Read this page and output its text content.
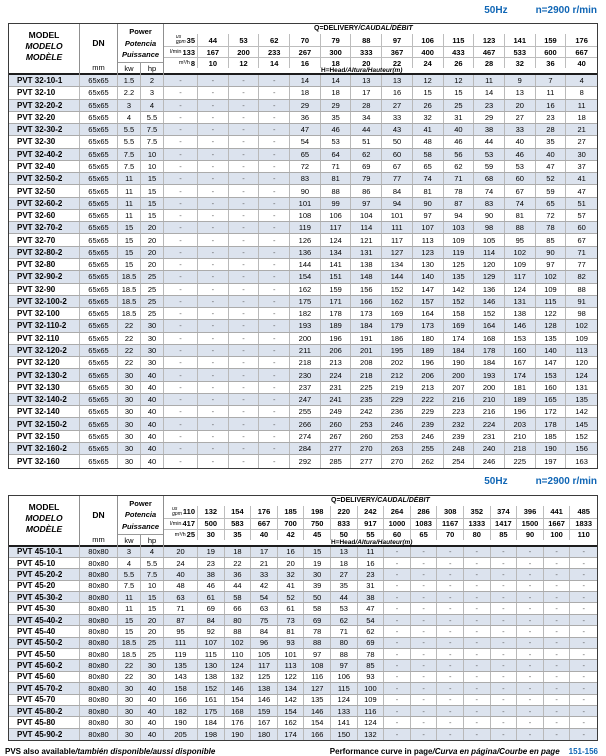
50Hz	n=2900 r/min
MODEL
MODELO
MODÈLE
DN
mm
Power
Potencia
Puissance
kw	hp
Q=DELIVERY/CAUDAL/DÉBIT
us
gpm 35 44	53	62	70	79	88	97	106 115 123 141 159 176
l/min 133 167 200 233 267 300 333 367 400 433 467 533 600 667
m³/h 8 10	12	14	16	18	20	22	24	26	28	32	36	40
H=Head/Altura/Hauteur(m)
PVT 32-10-1	65x65	1.5	2	-	-	-	-	14	14	13	13	12	12	11	9	7	4
PVT 32-10	65x65	2.2	3	-	-	-	-	18	18	17	16	15	15	14	13	11	8
PVT 32-20-2	65x65	3	4	-	-	-	-	29	29	28	27	26	25	23	20	16	11
PVT 32-20	65x65	4	5.5	-	-	-	-	36	35	34	33	32	31	29	27	23	18
PVT 32-30-2	65x65	5.5	7.5	-	-	-	-	47	46	44	43	41	40	38	33	28	21
PVT 32-30	65x65	5.5	7.5	-	-	-	-	54	53	51	50	48	46	44	40	35	27
PVT 32-40-2	65x65	7.5	10	-	-	-	-	65	64	62	60	58	56	53	46	40	30
PVT 32-40	65x65	7.5	10	-	-	-	-	72	71	69	67	65	62	59	53	47	37
PVT 32-50-2	65x65	11	15	-	-	-	-	83	81	79	77	74	71	68	60	52	41
PVT 32-50	65x65	11	15	-	-	-	-	90	88	86	84	81	78	74	67	59	47
PVT 32-60-2	65x65	11	15	-	-	-	-	101	99	97	94	90	87	83	74	65	51
PVT 32-60	65x65	11	15	-	-	-	-	108	106	104	101	97	94	90	81	72	57
PVT 32-70-2	65x65	15	20	-	-	-	-	119	117	114	111	107	103	98	88	78	60
PVT 32-70	65x65	15	20	-	-	-	-	126	124	121	117	113	109	105	95	85	67
PVT 32-80-2	65x65	15	20	-	-	-	-	136	134	131	127	123	119	114	102	90	71
PVT 32-80	65x65	15	20	-	-	-	-	144	141	138	134	130	125	120	109	97	77
PVT 32-90-2	65x65	18.5	25	-	-	-	-	154	151	148	144	140	135	129	117	102	82
PVT 32-90	65x65	18.5	25	-	-	-	-	162	159	156	152	147	142	136	124	109	88
PVT 32-100-2	65x65	18.5	25	-	-	-	-	175	171	166	162	157	152	146	131	115	91
PVT 32-100	65x65	18.5	25	-	-	-	-	182	178	173	169	164	158	152	138	122	98
PVT 32-110-2	65x65	22	30	-	-	-	-	193	189	184	179	173	169	164	146	128	102
PVT 32-110	65x65	22	30	-	-	-	-	200	196	191	186	180	174	168	153	135	109
PVT 32-120-2	65x65	22	30	-	-	-	-	211	206	201	195	189	184	178	160	140	113
PVT 32-120	65x65	22	30	-	-	-	-	218	213	208	202	196	190	184	167	147	120
PVT 32-130-2	65x65	30	40	-	-	-	-	230	224	218	212	206	200	193	174	153	124
PVT 32-130	65x65	30	40	-	-	-	-	237	231	225	219	213	207	200	181	160	131
PVT 32-140-2	65x65	30	40	-	-	-	-	247	241	235	229	222	216	210	189	165	135
PVT 32-140	65x65	30	40	-	-	-	-	255	249	242	236	229	223	216	196	172	142
PVT 32-150-2	65x65	30	40	-	-	-	-	266	260	253	246	239	232	224	203	178	145
PVT 32-150	65x65	30	40	-	-	-	-	274	267	260	253	246	239	231	210	185	152
PVT 32-160-2	65x65	30	40	-	-	-	-	284	277	270	263	255	248	240	218	190	156
PVT 32-160	65x65	30	40	-	-	-	-	292	285	277	270	262	254	246	225	197	163
50Hz	n=2900 r/min
MODEL
MODELO
MODÈLE
DN
mm
Power
Potencia
Puissance
kw	hp
Q=DELIVERY/CAUDAL/DÉBIT
us
gpm 110 132 154 176 185 198 220 242 264 286 308 352 374 396 441 485
l/min 417 500 583 667 700 750 833 917 1000 1083 1167 1333 1417 1500 1667 1833
m³/h 25 30 35 40 42 45 50 55 60 65 70 80 85 90 100 110
H=Head/Altura/Hauteur(m)
PVT 45-10-1	80x80	3	4	20	19	18	17	16	15	13	11	-	-	-	-	-	-	-	-
PVT 45-10	80x80	4	5.5	24	23	22	21	20	19	18	16	-	-	-	-	-	-	-	-
PVT 45-20-2	80x80	5.5	7.5	40	38	36	33	32	30	27	23	-	-	-	-	-	-	-	-
PVT 45-20	80x80	7.5	10	48	46	44	42	41	39	35	31	-	-	-	-	-	-	-	-
PVT 45-30-2	80x80	11	15	63	61	58	54	52	50	44	38	-	-	-	-	-	-	-	-
PVT 45-30	80x80	11	15	71	69	66	63	61	58	53	47	-	-	-	-	-	-	-	-
PVT 45-40-2	80x80	15	20	87	84	80	75	73	69	62	54	-	-	-	-	-	-	-	-
PVT 45-40	80x80	15	20	95	92	88	84	81	78	71	62	-	-	-	-	-	-	-	-
PVT 45-50-2	80x80	18.5	25	111	107	102	96	93	88	80	69	-	-	-	-	-	-	-	-
PVT 45-50	80x80	18.5	25	119	115	110	105	101	97	88	78	-	-	-	-	-	-	-	-
PVT 45-60-2	80x80	22	30	135	130	124	117	113	108	97	85	-	-	-	-	-	-	-	-
PVT 45-60	80x80	22	30	143	138	132	125	122	116	106	93	-	-	-	-	-	-	-	-
PVT 45-70-2	80x80	30	40	158	152	146	138	134	127	115	100	-	-	-	-	-	-	-	-
PVT 45-70	80x80	30	40	166	161	154	146	142	135	124	109	-	-	-	-	-	-	-	-
PVT 45-80-2	80x80	30	40	182	175	168	159	154	146	133	116	-	-	-	-	-	-	-	-
PVT 45-80	80x80	30	40	190	184	176	167	162	154	141	124	-	-	-	-	-	-	-	-
PVT 45-90-2	80x80	30	40	205	198	190	180	174	166	150	132	-	-	-	-	-	-	-	-
PVS also available/también disponible/aussi disponible	Performance curve in page/Curva en página/Courbe en page 151-156
